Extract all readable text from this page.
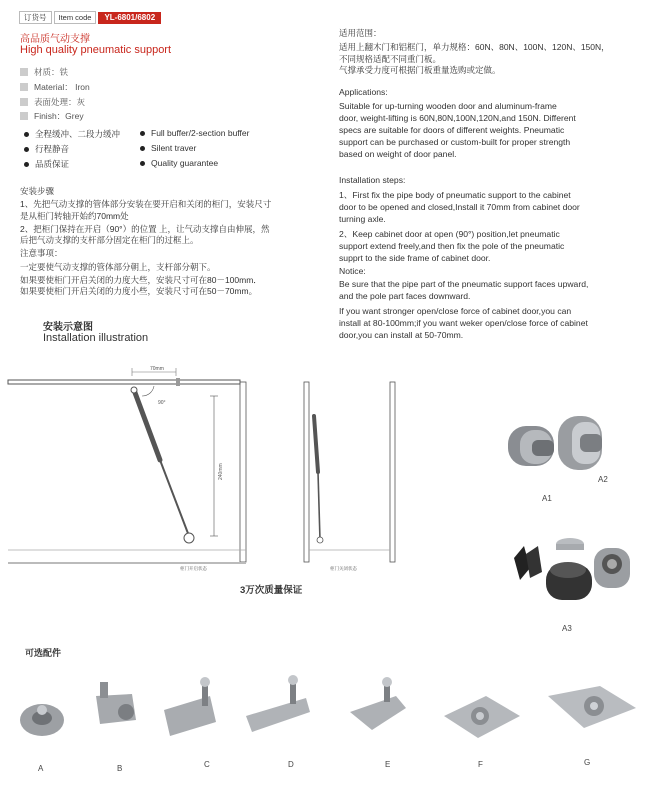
订货号	Item code	YL-6801/6802
高品质气动支撑
High quality pneumatic support
材质：铁
Material： Iron
表面处理：灰
Finish：Grey
全程缓冲、二段力缓冲	Full buffer/2-section buffer
行程静音	Silent traver
品质保证	Quality guarantee
安装步骤
1、先把气动支撑的管体部分安装在要开启和关闭的柜门，安装尺寸
是从柜门转轴开始约70mm处
2、把柜门保持在开启（90°）的位置 上，让气动支撑自由伸展，然
后把气动支撑的支杆部分固定在柜门的过框上。
注意事项：
一定要使气动支撑的管体部分朝上，支杆部分朝下。
如果要使柜门开启关闭的力度大些，安装尺寸可在80－100mm．
如果要使柜门开启关闭的力度小些，安装尺寸可在50－70mm。
安装示意图
Installation illustration
适用范围：
适用上翻木门和铝框门，单力规格：60N、80N、100N、120N、150N，
不同规格适配不同重门板。
气撑承受力度可根据门板重量选购或定做。
Applications:
Suitable for up-turning wooden door and aluminum-frame
door, weight-lifting is 60N,80N,100N,120N,and 150N. Different
specs are suitable for doors of different weights. Pneumatic
support can be purchased or custom-built for proper strength
based on weight of door panel.
Installation steps:
1、First fix the pipe body of pneumatic support to the cabinet
door to be opened and closed,Install it 70mm from cabinet door
turning axle.
2、Keep cabinet door at open (90°) position,let pneumatic
support extend freely,and then fix the pole of the pneumatic
supprt to the side frame of cabinet door.
Notice:
Be sure that the pipe part of the pneumatic support faces upward,
and the pole part faces downward.
If you want stronger open/close force of cabinet door,you can
install at 80-100mm;if you want weker open/close force of cabinet
door,you can install at 50-70mm.
70mm
90°
240mm
柜门开启状态	柜门关闭状态
3万次质量保证
A1
A2
A3
可选配件
A	B	C	D	E	F	G
